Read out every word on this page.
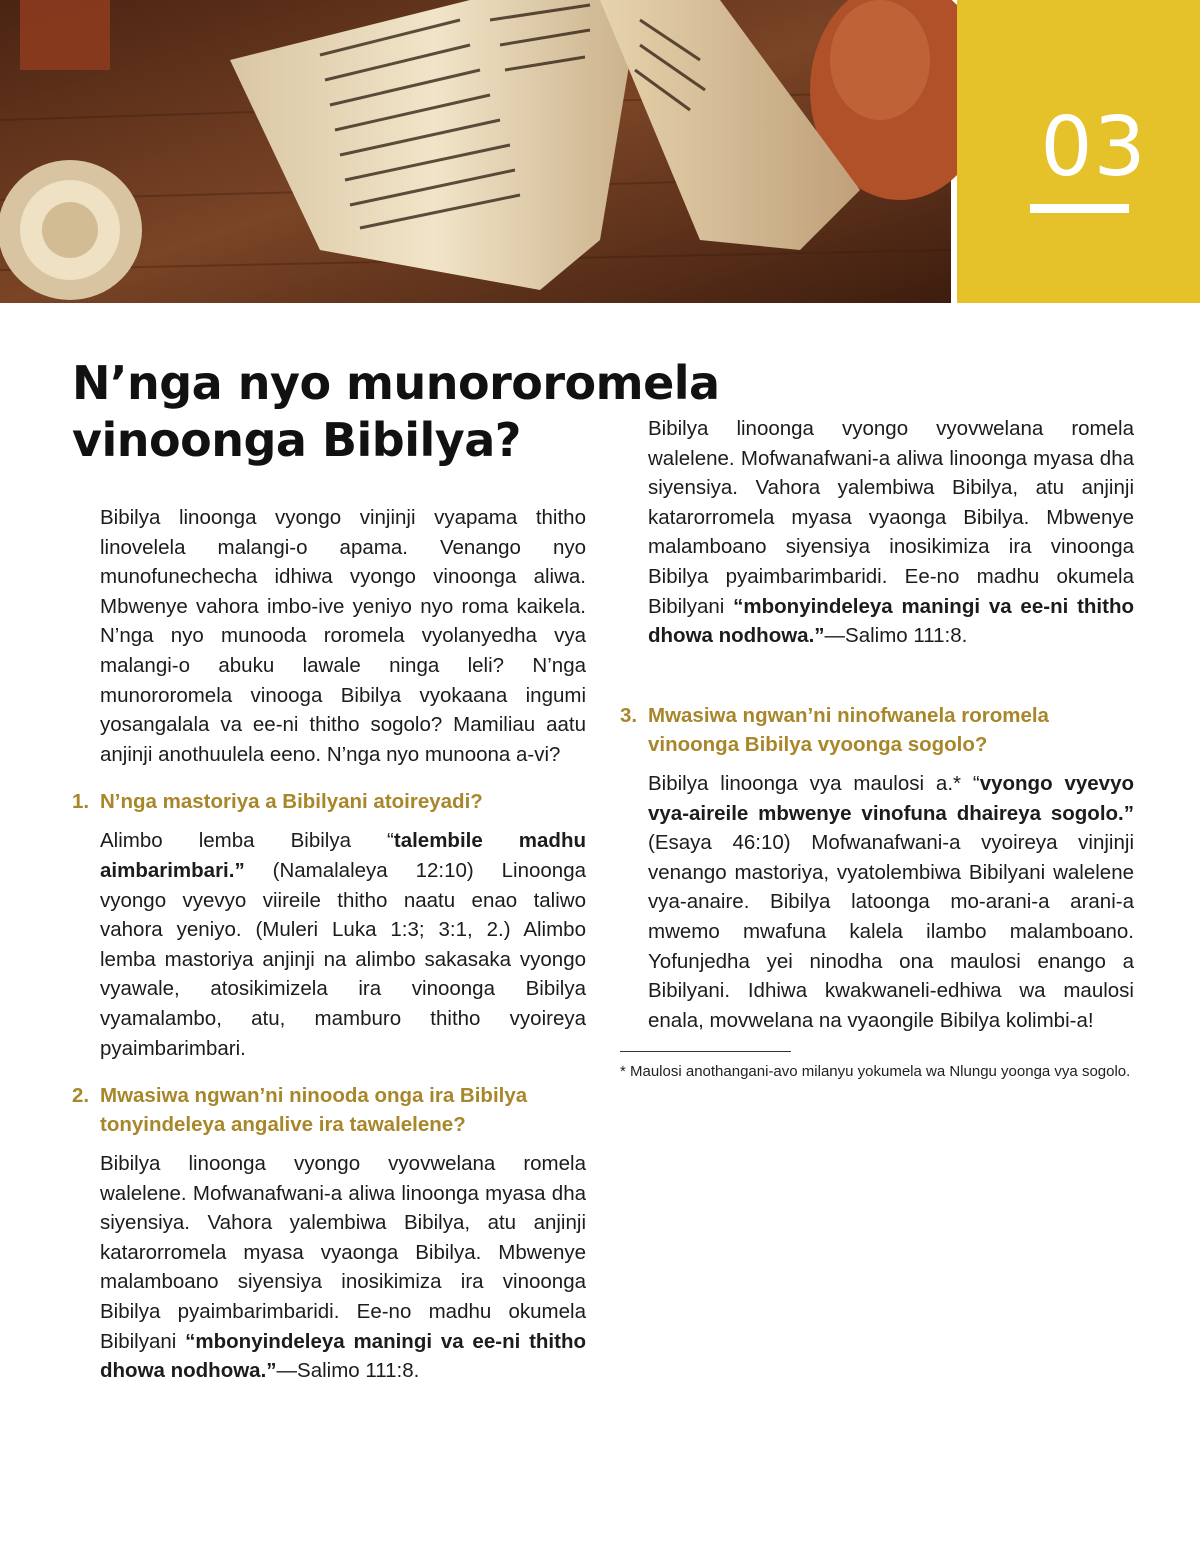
03
N’nga nyo munororomela
vinoonga Bibilya?

Bibilya linoonga vyongo vinjinji vyapama thitho linovelela malangi-o apama. Venango nyo munofunechecha idhiwa vyongo vinoonga aliwa. Mbwenye vahora imbo-ive yeniyo nyo roma kaikela. N’nga nyo munooda roromela vyolanyedha vya malangi-o abuku lawale ninga leli? N’nga munororomela vinooga Bibilya vyokaana ingumi yosangalala va ee-ni thitho sogolo? Mamiliau aatu anjinji anothuulela eeno. N’nga nyo munoona a-vi?

1. N’nga mastoriya a Bibilyani atoireyadi?

Alimbo lemba Bibilya “talembile madhu aimbarimbari.” (Namalaleya 12:10) Linoonga vyongo vyevyo viireile thitho naatu enao taliwo vahora yeniyo. (Muleri Luka 1:3; 3:1, 2.) Alimbo lemba mastoriya anjinji na alimbo sakasaka vyongo vyawale, atosikimizela ira vinoonga Bibilya vyamalambo, atu, mamburo thitho vyoireya pyaimbarimbari.

2. Mwasiwa ngwan’ni ninooda onga ira Bibilya tonyindeleya angalive ira tawalelene?

Bibilya linoonga vyongo vyovwelana romela walelene. Mofwanafwani-a aliwa linoonga myasa dha siyensiya. Vahora yalembiwa Bibilya, atu anjinji katarorromela myasa vyaonga Bibilya. Mbwenye malamboano siyensiya inosikimiza ira vinoonga Bibilya pyaimbarimbaridi. Ee-no madhu okumela Bibilyani “mbonyindeleya maningi va ee-ni thitho dhowa nodhowa.”—Salimo 111:8.

Bibilya linoonga vyongo vyovwelana romela walelene. Mofwanafwani-a aliwa linoonga myasa dha siyensiya. Vahora yalembiwa Bibilya, atu anjinji katarorromela myasa vyaonga Bibilya. Mbwenye malamboano siyensiya inosikimiza ira vinoonga Bibilya pyaimbarimbaridi. Ee-no madhu okumela Bibilyani “mbonyindeleya maningi va ee-ni thitho dhowa nodhowa.”—Salimo 111:8.

3. Mwasiwa ngwan’ni ninofwanela roromela vinoonga Bibilya vyoonga sogolo?

Bibilya linoonga vya maulosi a.* “vyongo vyevyo vya-aireile mbwenye vinofuna dhaireya sogolo.” (Esaya 46:10) Mofwanafwani-a vyoireya vinjinji venango mastoriya, vyatolembiwa Bibilyani walelene vya-anaire. Bibilya latoonga mo-arani-a arani-a mwemo mwafuna kalela ilambo malamboano. Yofunjedha yei ninodha ona maulosi enango a Bibilyani. Idhiwa kwakwaneli-edhiwa wa maulosi enala, movwelana na vyaongile Bibilya kolimbi-a!

* Maulosi anothangani-avo milanyu yokumela wa Nlungu yoonga vya sogolo.
